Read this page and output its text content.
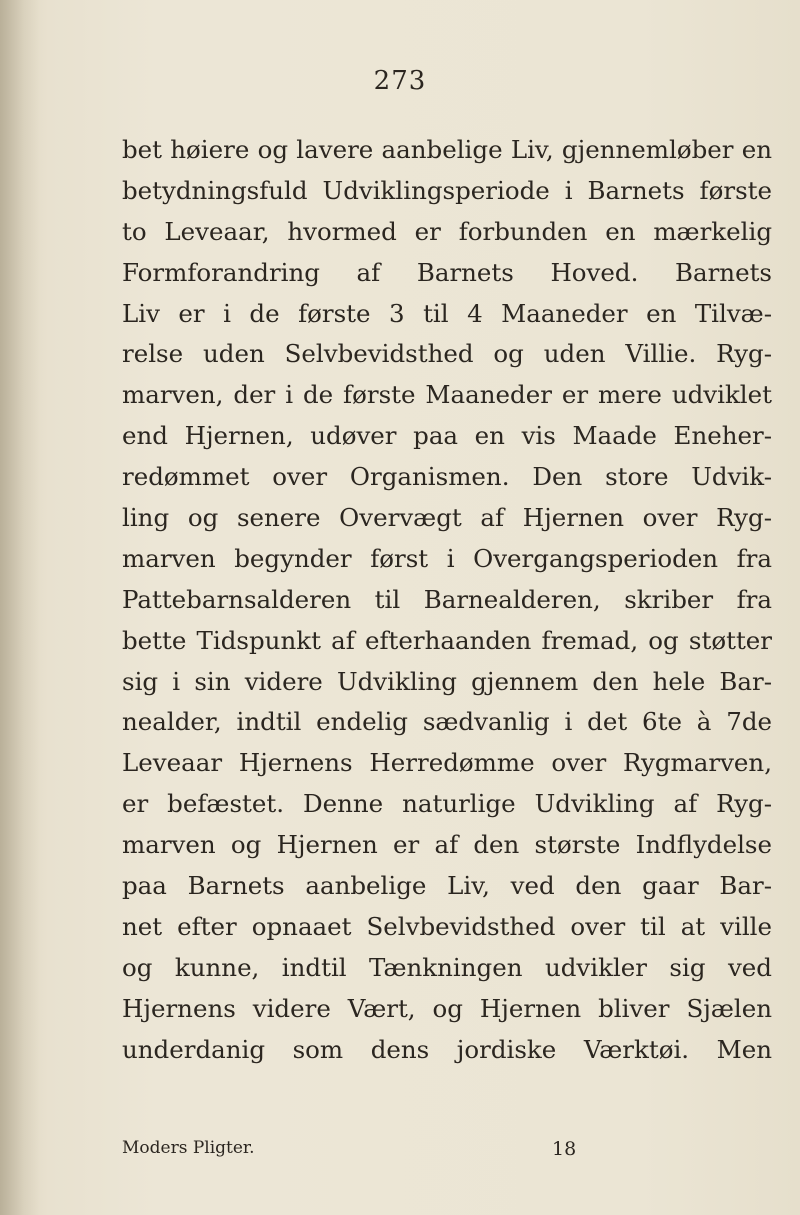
273
bet høiere og lavere aanbelige Liv, gjennemløber en
betydningsfuld Udviklingsperiode i Barnets første
to Leveaar, hvormed er forbunden en mærkelig
Formforandring af Barnets Hoved. Barnets
Liv er i de første 3 til 4 Maaneder en Tilvæ-
relse uden Selvbevidsthed og uden Villie. Ryg-
marven, der i de første Maaneder er mere udviklet
end Hjernen, udøver paa en vis Maade Eneher-
redømmet over Organismen. Den store Udvik-
ling og senere Overvægt af Hjernen over Ryg-
marven begynder først i Overgangsperioden fra
Pattebarnsalderen til Barnealderen, skriber fra
bette Tidspunkt af efterhaanden fremad, og støtter
sig i sin videre Udvikling gjennem den hele Bar-
nealder, indtil endelig sædvanlig i det 6te à 7de
Leveaar Hjernens Herredømme over Rygmarven,
er befæstet. Denne naturlige Udvikling af Ryg-
marven og Hjernen er af den største Indflydelse
paa Barnets aanbelige Liv, ved den gaar Bar-
net efter opnaaet Selvbevidsthed over til at ville
og kunne, indtil Tænkningen udvikler sig ved
Hjernens videre Vært, og Hjernen bliver Sjælen
underdanig som dens jordiske Værktøi. Men
Moders Pligter.	18
